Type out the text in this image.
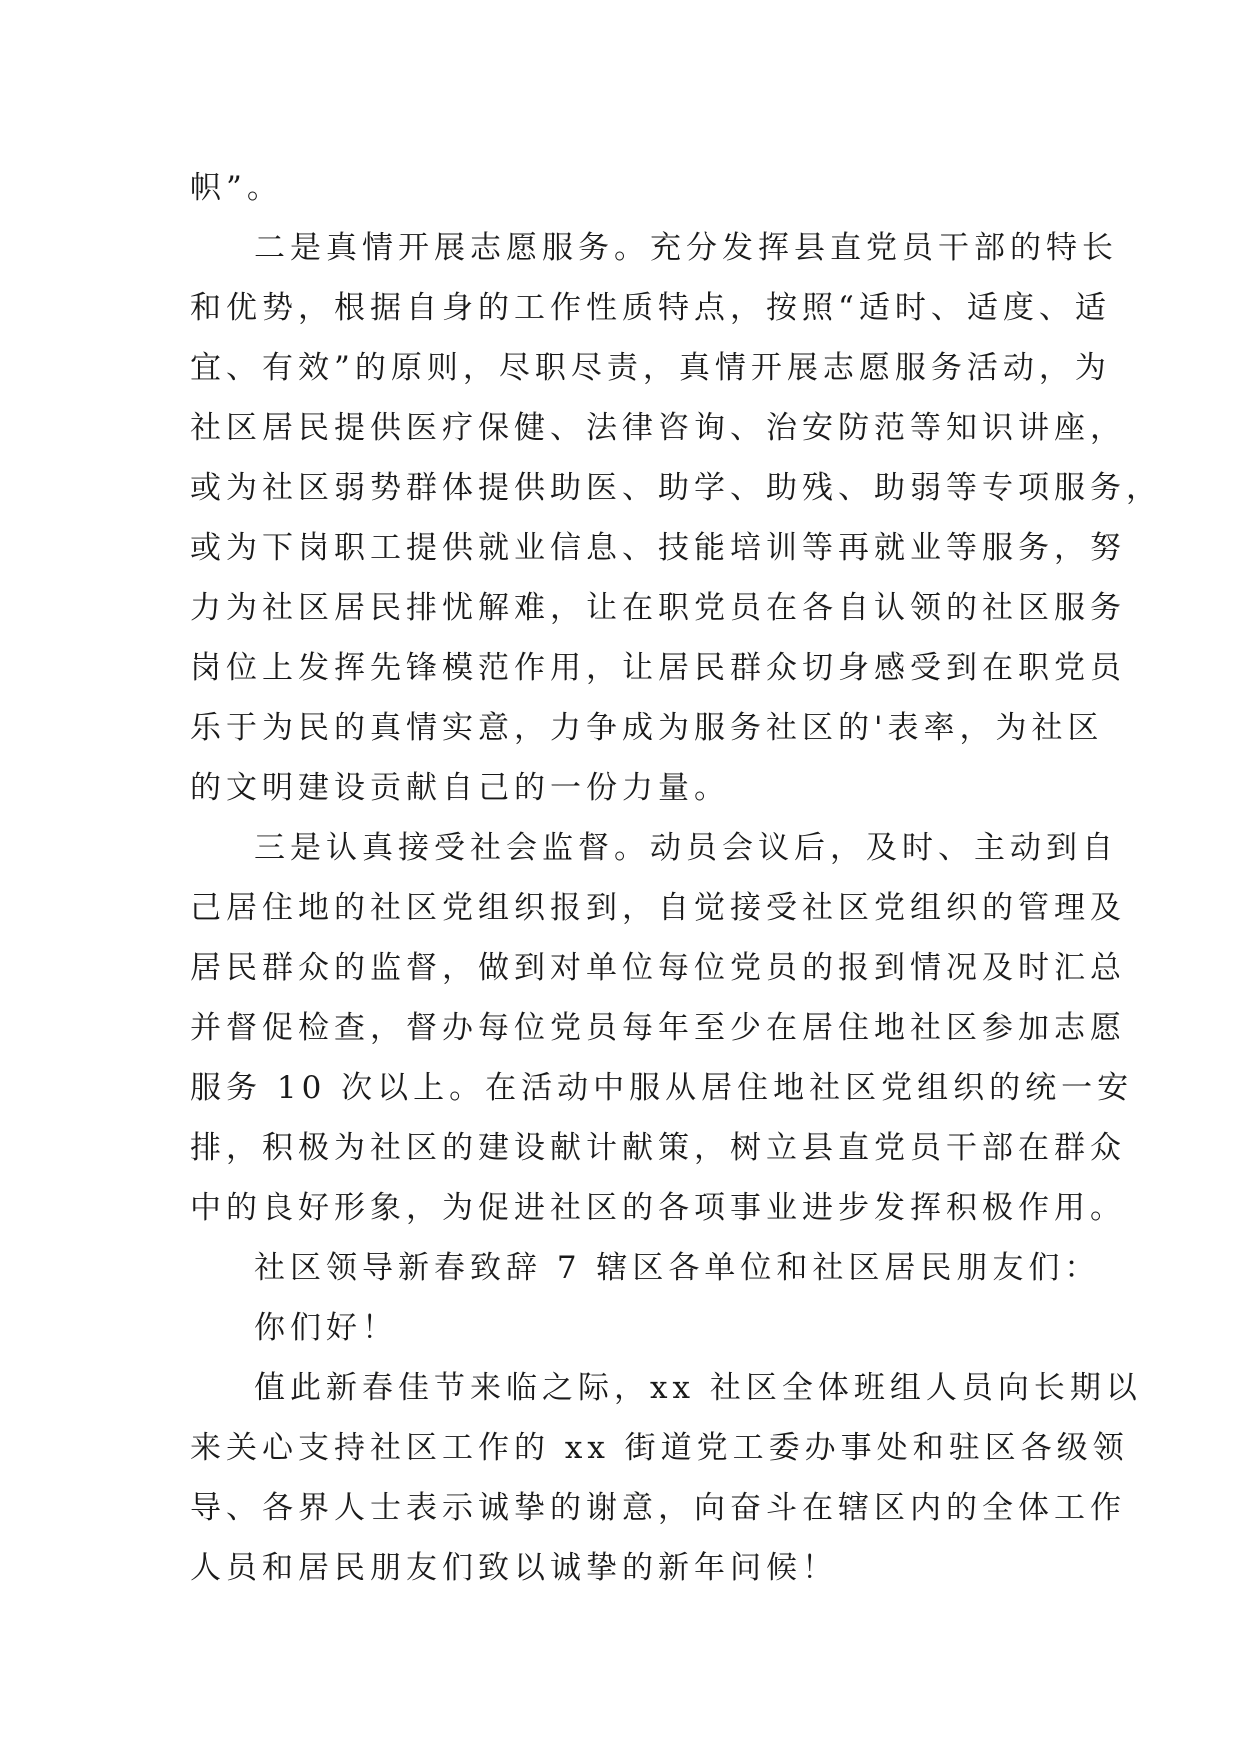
帜”。
二是真情开展志愿服务。充分发挥县直党员干部的特长
和优势，根据自身的工作性质特点，按照“适时、适度、适
宜、有效”的原则，尽职尽责，真情开展志愿服务活动，为
社区居民提供医疗保健、法律咨询、治安防范等知识讲座，
或为社区弱势群体提供助医、助学、助残、助弱等专项服务，
或为下岗职工提供就业信息、技能培训等再就业等服务，努
力为社区居民排忧解难，让在职党员在各自认领的社区服务
岗位上发挥先锋模范作用，让居民群众切身感受到在职党员
乐于为民的真情实意，力争成为服务社区的'表率，为社区
的文明建设贡献自己的一份力量。
三是认真接受社会监督。动员会议后，及时、主动到自
己居住地的社区党组织报到，自觉接受社区党组织的管理及
居民群众的监督，做到对单位每位党员的报到情况及时汇总
并督促检查，督办每位党员每年至少在居住地社区参加志愿
服务 10 次以上。在活动中服从居住地社区党组织的统一安
排，积极为社区的建设献计献策，树立县直党员干部在群众
中的良好形象，为促进社区的各项事业进步发挥积极作用。
社区领导新春致辞 7 辖区各单位和社区居民朋友们：
你们好！
值此新春佳节来临之际，xx 社区全体班组人员向长期以
来关心支持社区工作的 xx 街道党工委办事处和驻区各级领
导、各界人士表示诚挚的谢意，向奋斗在辖区内的全体工作
人员和居民朋友们致以诚挚的新年问候！
